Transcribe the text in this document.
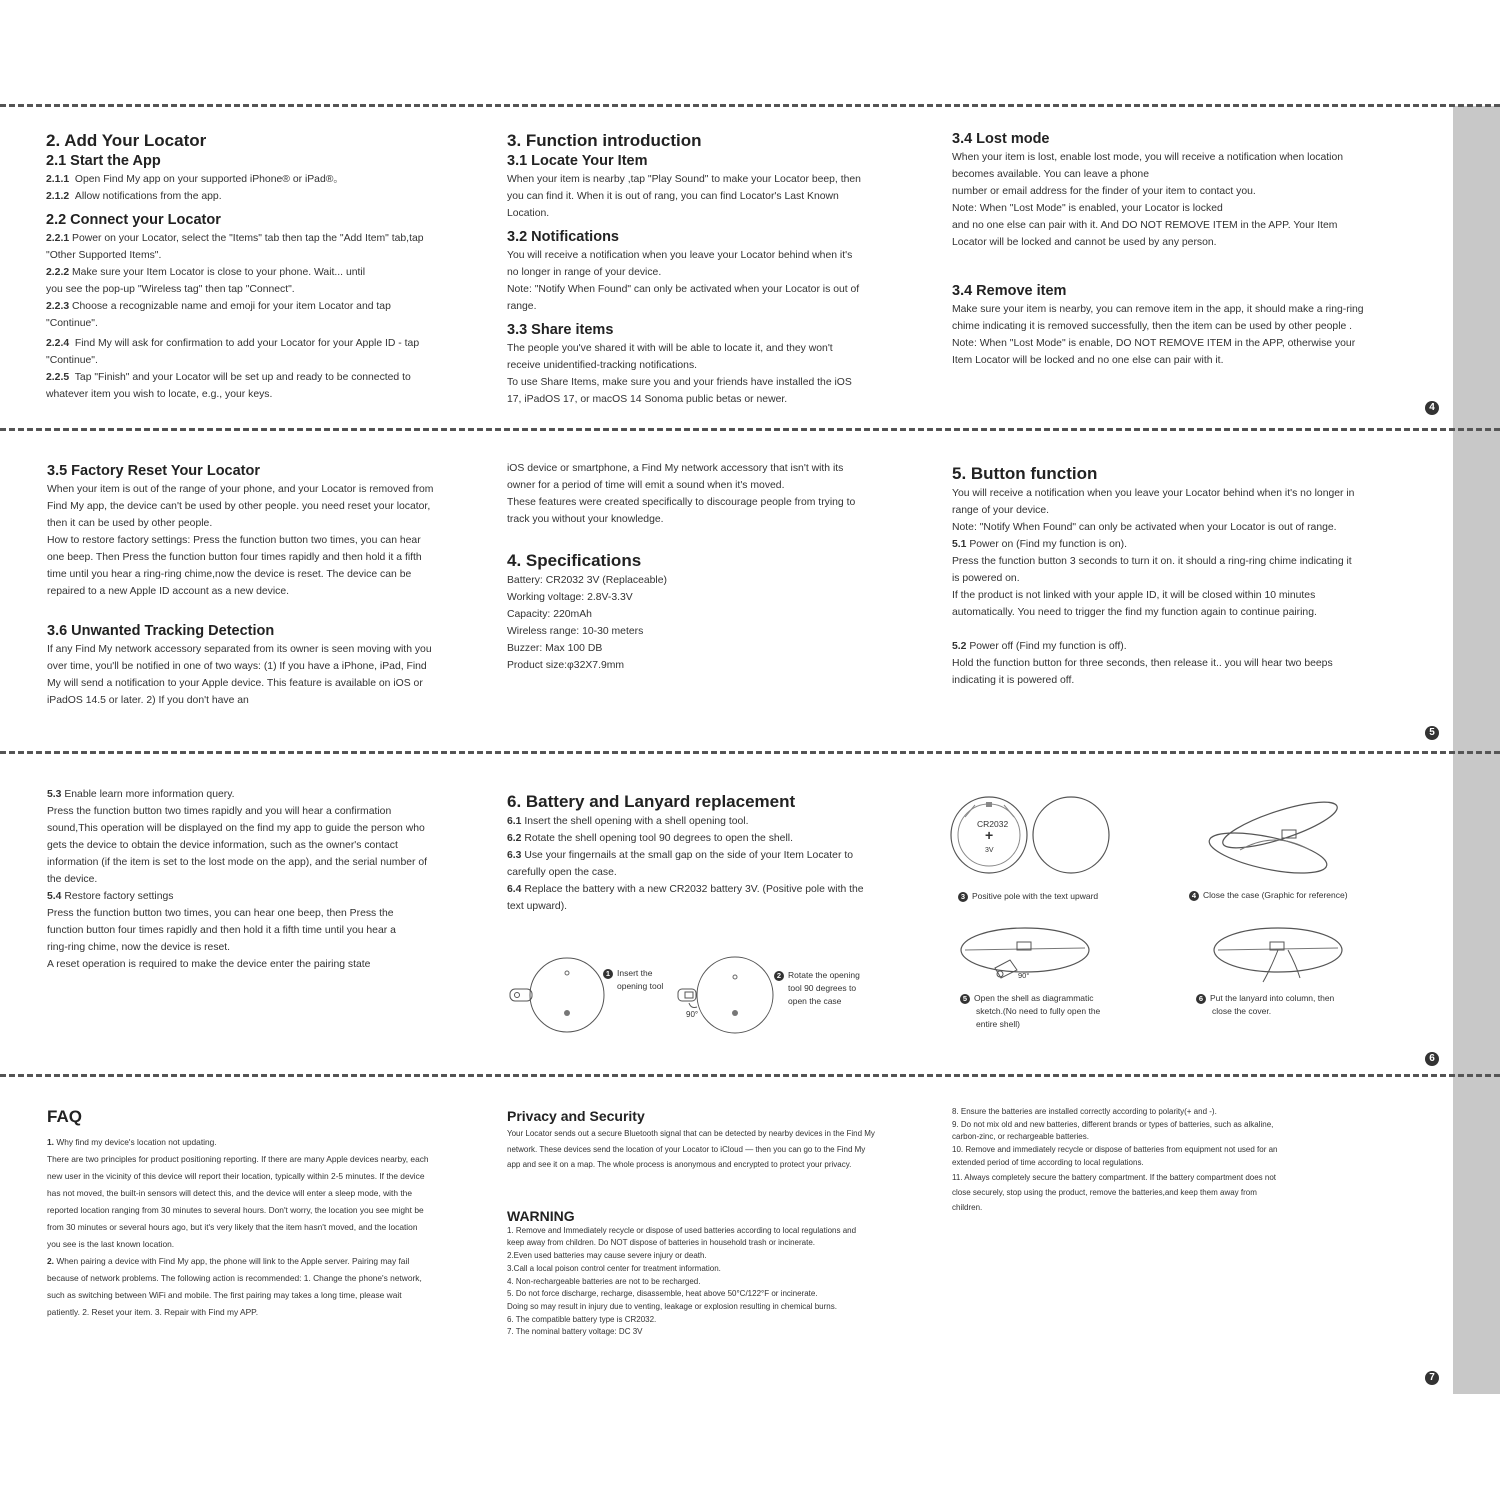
2. Add Your Locator
2.1 Start the App

2.1.1 Open Find My app on your supported iPhone® or iPad®。

2.1.2 Allow notifications from the app.

2.2 Connect your Locator

2.2.1 Power on your Locator, select the "Items" tab then tap the "Add Item" tab,tap

"Other Supported Items".

2.2.2 Make sure your Item Locator is close to your phone. Wait... until

you see the pop-up "Wireless tag" then tap "Connect".

2.2.3 Choose a recognizable name and emoji for your item Locator and tap

"Continue".

2.2.4 Find My will ask for confirmation to add your Locator for your Apple ID - tap

"Continue".

2.2.5 Tap "Finish" and your Locator will be set up and ready to be connected to

whatever item you wish to locate, e.g., your keys.

3. Function introduction
3.1 Locate Your Item

When your item is nearby ,tap "Play Sound" to make your Locator beep, then

you can find it. When it is out of rang, you can find Locator's Last Known

Location.

3.2 Notifications

You will receive a notification when you leave your Locator behind when it's

no longer in range of your device.

Note: "Notify When Found" can only be activated when your Locator is out of

range.

3.3 Share items

The people you've shared it with will be able to locate it, and they won't

receive unidentified-tracking notifications.

To use Share Items, make sure you and your friends have installed the iOS

17, iPadOS 17, or macOS 14 Sonoma public betas or newer.

3.4 Lost mode

When your item is lost, enable lost mode, you will receive a notification when location

becomes available. You can leave a phone

number or email address for the finder of your item to contact you.

Note: When "Lost Mode" is enabled, your Locator is locked

and no one else can pair with it. And DO NOT REMOVE ITEM in the APP. Your Item

Locator will be locked and cannot be used by any person.

3.4 Remove item

Make sure your item is nearby, you can remove item in the app, it should make a ring-ring

chime indicating it is removed successfully, then the item can be used by other people .

Note: When "Lost Mode" is enable, DO NOT REMOVE ITEM in the APP, otherwise your

Item Locator will be locked and no one else can pair with it.

4
3.5 Factory Reset Your Locator

When your item is out of the range of your phone, and your Locator is removed from

Find My app, the device can't be used by other people. you need reset your locator,

then it can be used by other people.

How to restore factory settings: Press the function button two times, you can hear

one beep. Then Press the function button four times rapidly and then hold it a fifth

time until you hear a ring-ring chime,now the device is reset. The device can be

repaired to a new Apple ID account as a new device.

3.6 Unwanted Tracking Detection

If any Find My network accessory separated from its owner is seen moving with you

over time, you'll be notified in one of two ways: (1) If you have a iPhone, iPad, Find

My will send a notification to your Apple device. This feature is available on iOS or

iPadOS 14.5 or later. 2) If you don't have an

iOS device or smartphone, a Find My network accessory that isn't with its

owner for a period of time will emit a sound when it's moved.

These features were created specifically to discourage people from trying to

track you without your knowledge.

4. Specifications

Battery: CR2032 3V (Replaceable)

Working voltage: 2.8V-3.3V

Capacity: 220mAh

Wireless range: 10-30 meters

Buzzer: Max 100 DB

Product size:φ32X7.9mm

5. Button function

You will receive a notification when you leave your Locator behind when it's no longer in

range of your device.

Note: "Notify When Found" can only be activated when your Locator is out of range.

5.1 Power on (Find my function is on).

Press the function button 3 seconds to turn it on. it should a ring-ring chime indicating it

is powered on.

If the product is not linked with your apple ID, it will be closed within 10 minutes

automatically. You need to trigger the find my function again to continue pairing.

5.2 Power off (Find my function is off).

Hold the function button for three seconds, then release it.. you will hear two beeps

indicating it is powered off.

5

5.3 Enable learn more information query.

Press the function button two times rapidly and you will hear a confirmation

sound,This operation will be displayed on the find my app to guide the person who

gets the device to obtain the device information, such as the owner's contact

information (if the item is set to the lost mode on the app), and the serial number of

the device.

5.4 Restore factory settings

Press the function button two times, you can hear one beep, then Press the

function button four times rapidly and then hold it a fifth time until you hear a

ring-ring chime, now the device is reset.

A reset operation is required to make the device enter the pairing state

6. Battery and Lanyard replacement

6.1 Insert the shell opening with a shell opening tool.

6.2 Rotate the shell opening tool 90 degrees to open the shell.

6.3 Use your fingernails at the small gap on the side of your Item Locater to

carefully open the case.

6.4 Replace the battery with a new CR2032 battery 3V. (Positive pole with the

text upward).

1 Insert the
opening tool
90°
2 Rotate the opening
tool 90 degrees to
open the case
CR2032
+
3V
3 Positive pole with the text upward	4 Close the case (Graphic for reference)
90°
5 Open the shell as diagrammatic
sketch.(No need to fully open the
entire shell)
6 Put the lanyard into column, then
close the cover.
6
FAQ

1. Why find my device's location not updating.

There are two principles for product positioning reporting. If there are many Apple devices nearby, each

new user in the vicinity of this device will report their location, typically within 2-5 minutes. If the device

has not moved, the built-in sensors will detect this, and the device will enter a sleep mode, with the

reported location ranging from 30 minutes to several hours. Don't worry, the location you see might be

from 30 minutes or several hours ago, but it's very likely that the item hasn't moved, and the location

you see is the last known location.

2. When pairing a device with Find My app, the phone will link to the Apple server. Pairing may fail

because of network problems. The following action is recommended: 1. Change the phone's network,

such as switching between WiFi and mobile. The first pairing may takes a long time, please wait

patiently. 2. Reset your item. 3. Repair with Find my APP.

Privacy and Security

Your Locator sends out a secure Bluetooth signal that can be detected by nearby devices in the Find My

network. These devices send the location of your Locator to iCloud — then you can go to the Find My

app and see it on a map. The whole process is anonymous and encrypted to protect your privacy.

WARNING

1. Remove and Immediately recycle or dispose of used batteries according to local regulations and

keep away from children. Do NOT dispose of batteries in household trash or incinerate.

2.Even used batteries may cause severe injury or death.

3.Call a local poison control center for treatment information.

4. Non-rechargeable batteries are not to be recharged.

5. Do not force discharge, recharge, disassemble, heat above 50°C/122°F or incinerate.

Doing so may result in injury due to venting, leakage or explosion resulting in chemical burns.

6. The compatible battery type is CR2032.

7. The nominal battery voltage: DC 3V

8. Ensure the batteries are installed correctly according to polarity(+ and -).

9. Do not mix old and new batteries, different brands or types of batteries, such as alkaline,

carbon-zinc, or rechargeable batteries.

10. Remove and immediately recycle or dispose of batteries from equipment not used for an

extended period of time according to local regulations.

11. Always completely secure the battery compartment. If the battery compartment does not

close securely, stop using the product, remove the batteries,and keep them away from

children.

7
